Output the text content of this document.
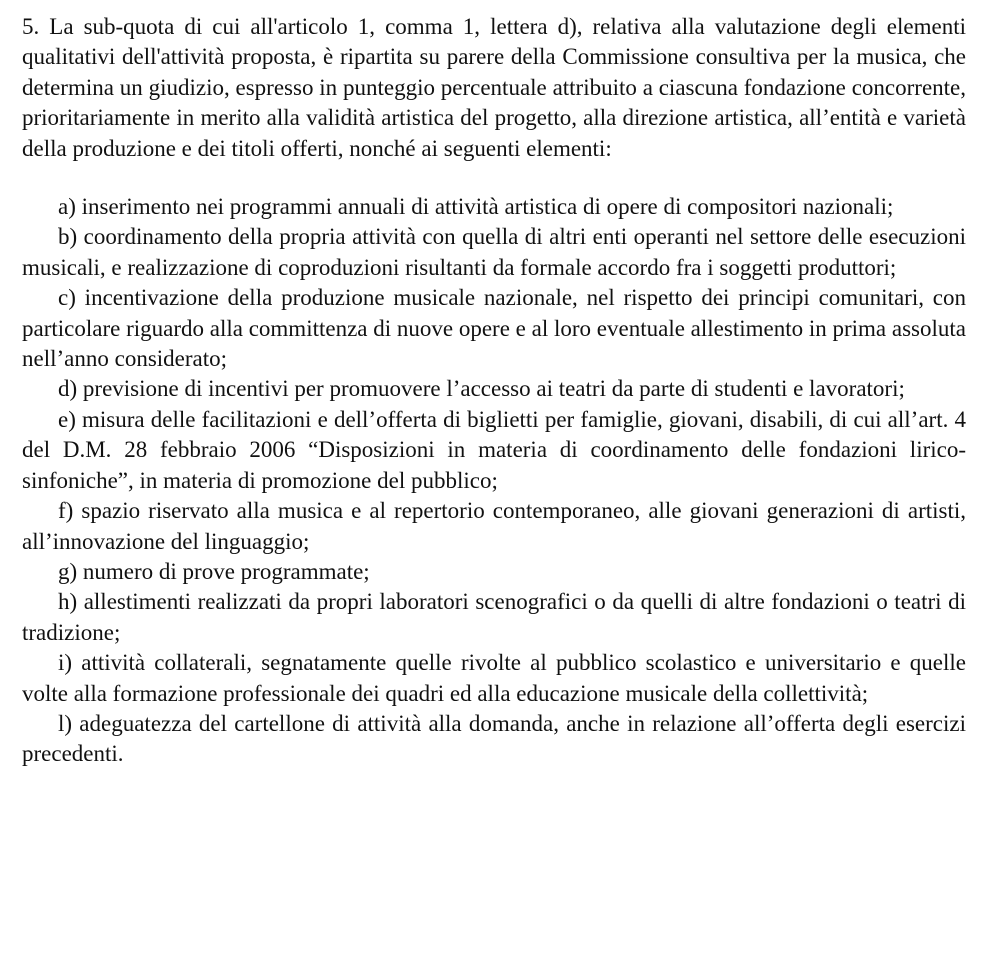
5. La sub-quota di cui all'articolo 1, comma 1, lettera d), relativa alla valutazione degli elementi qualitativi dell'attività proposta, è ripartita su parere della Commissione consultiva per la musica, che determina un giudizio, espresso in punteggio percentuale attribuito a ciascuna fondazione concorrente, prioritariamente in merito alla validità artistica del progetto, alla direzione artistica, all’entità e varietà della produzione e dei titoli offerti, nonché ai seguenti elementi:

a) inserimento nei programmi annuali di attività artistica di opere di compositori nazionali;

b) coordinamento della propria attività con quella di altri enti operanti nel settore delle esecuzioni musicali, e realizzazione di coproduzioni risultanti da formale accordo fra i soggetti produttori;

c) incentivazione della produzione musicale nazionale, nel rispetto dei principi comunitari, con particolare riguardo alla committenza di nuove opere e al loro eventuale allestimento in prima assoluta nell’anno considerato;

d) previsione di incentivi per promuovere l’accesso ai teatri da parte di studenti e lavoratori;

e) misura delle facilitazioni e dell’offerta di biglietti per famiglie, giovani, disabili, di cui all’art. 4 del D.M. 28 febbraio 2006 “Disposizioni in materia di coordinamento delle fondazioni lirico-sinfoniche”, in materia di promozione del pubblico;

f) spazio riservato alla musica e al repertorio contemporaneo, alle giovani generazioni di artisti, all’innovazione del linguaggio;

g) numero di prove programmate;

h) allestimenti realizzati da propri laboratori scenografici o da quelli di altre fondazioni o teatri di tradizione;

i) attività collaterali, segnatamente quelle rivolte al pubblico scolastico e universitario e quelle volte alla formazione professionale dei quadri ed alla educazione musicale della collettività;

l) adeguatezza del cartellone di attività alla domanda, anche in relazione all’offerta degli esercizi precedenti.
